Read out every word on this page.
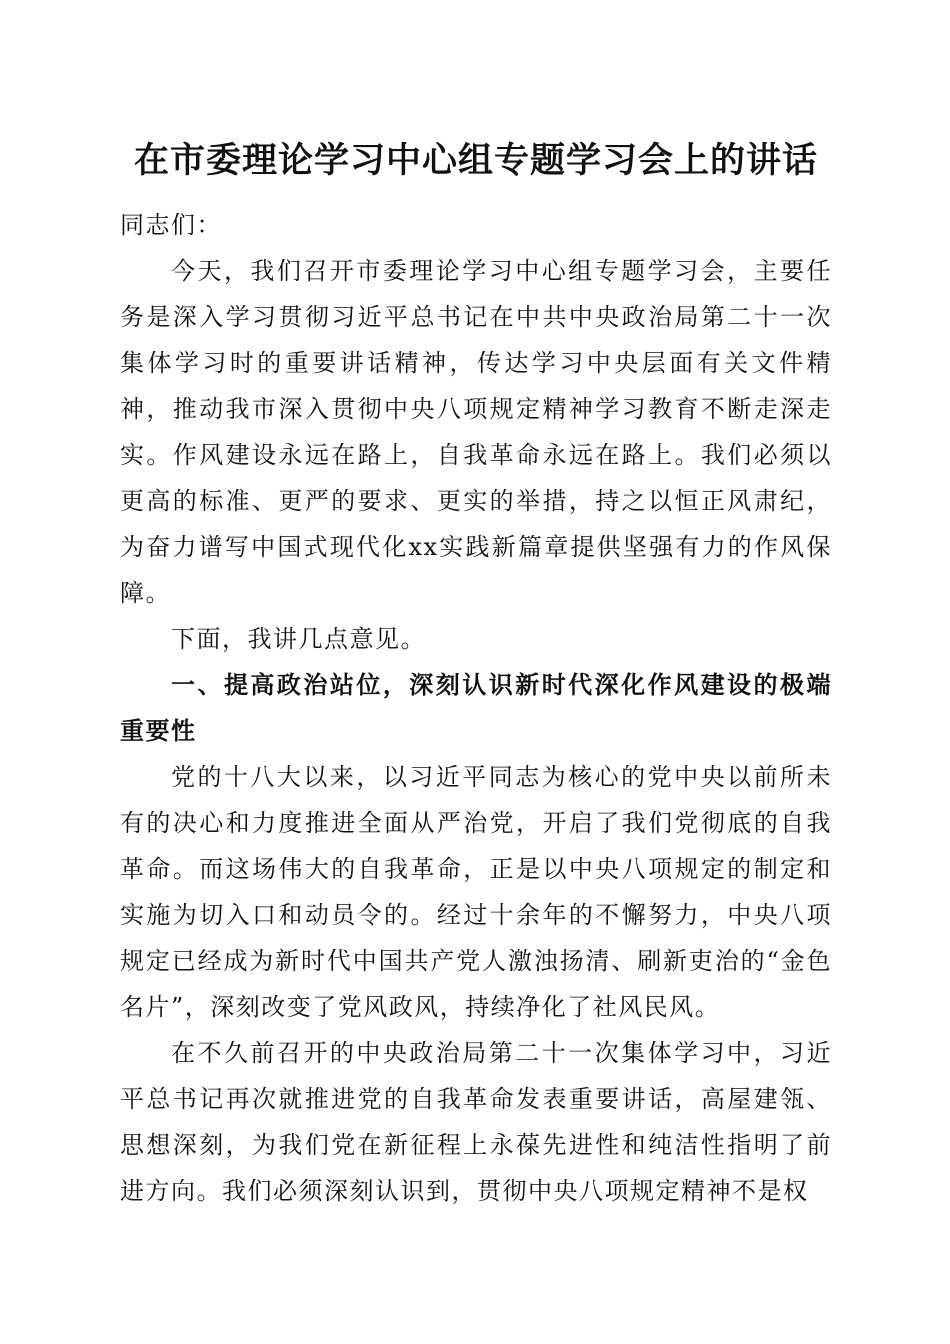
在市委理论学习中心组专题学习会上的讲话

同志们：

今天，我们召开市委理论学习中心组专题学习会，主要任务是深入学习贯彻习近平总书记在中共中央政治局第二十一次集体学习时的重要讲话精神，传达学习中央层面有关文件精神，推动我市深入贯彻中央八项规定精神学习教育不断走深走实。作风建设永远在路上，自我革命永远在路上。我们必须以更高的标准、更严的要求、更实的举措，持之以恒正风肃纪，为奋力谱写中国式现代化xx实践新篇章提供坚强有力的作风保障。

下面，我讲几点意见。

一、提高政治站位，深刻认识新时代深化作风建设的极端重要性

党的十八大以来，以习近平同志为核心的党中央以前所未有的决心和力度推进全面从严治党，开启了我们党彻底的自我革命。而这场伟大的自我革命，正是以中央八项规定的制定和实施为切入口和动员令的。经过十余年的不懈努力，中央八项规定已经成为新时代中国共产党人激浊扬清、刷新吏治的“金色名片”，深刻改变了党风政风，持续净化了社风民风。

在不久前召开的中央政治局第二十一次集体学习中，习近平总书记再次就推进党的自我革命发表重要讲话，高屋建瓴、思想深刻，为我们党在新征程上永葆先进性和纯洁性指明了前进方向。我们必须深刻认识到，贯彻中央八项规定精神不是权
